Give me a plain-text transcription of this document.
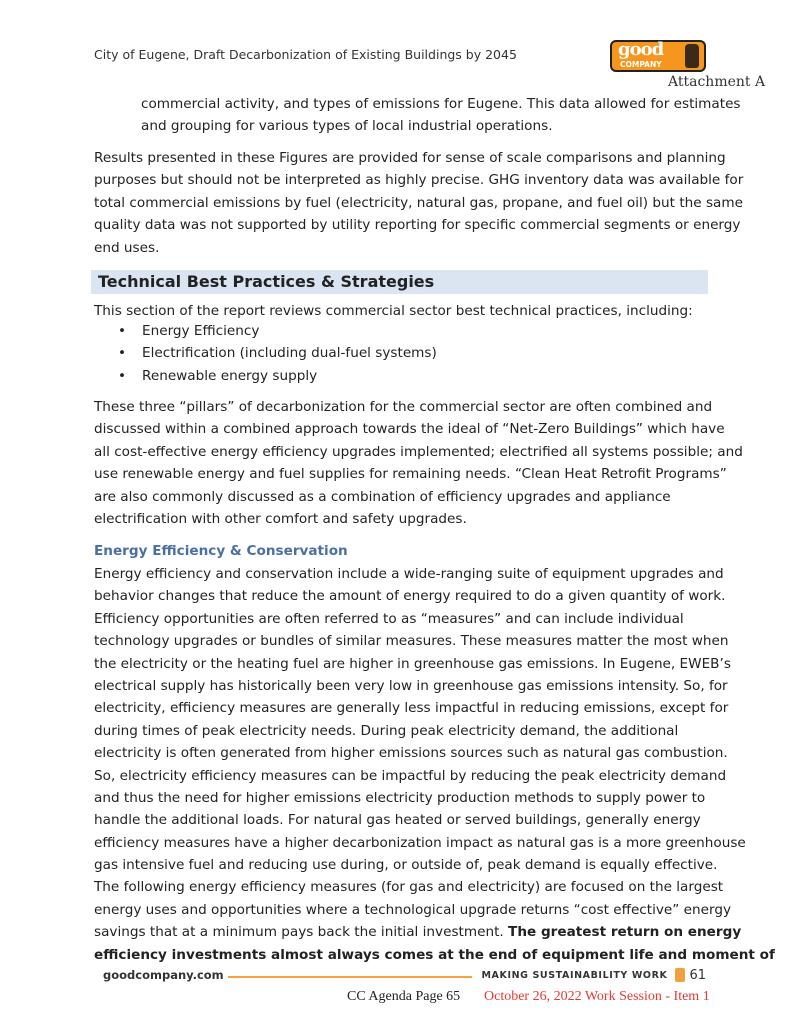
City of Eugene, Draft Decarbonization of Existing Buildings by 2045	good
COMPANY
Attachment A
commercial activity, and types of emissions for Eugene. This data allowed for estimates
and grouping for various types of local industrial operations.
Results presented in these Figures are provided for sense of scale comparisons and planning
purposes but should not be interpreted as highly precise. GHG inventory data was available for
total commercial emissions by fuel (electricity, natural gas, propane, and fuel oil) but the same
quality data was not supported by utility reporting for specific commercial segments or energy
end uses.
Technical Best Practices & Strategies
This section of the report reviews commercial sector best technical practices, including:
• Energy Efficiency
• Electrification (including dual-fuel systems)
• Renewable energy supply
These three “pillars” of decarbonization for the commercial sector are often combined and
discussed within a combined approach towards the ideal of “Net-Zero Buildings” which have
all cost-effective energy efficiency upgrades implemented; electrified all systems possible; and
use renewable energy and fuel supplies for remaining needs. “Clean Heat Retrofit Programs”
are also commonly discussed as a combination of efficiency upgrades and appliance
electrification with other comfort and safety upgrades.
Energy Efficiency & Conservation
Energy efficiency and conservation include a wide-ranging suite of equipment upgrades and
behavior changes that reduce the amount of energy required to do a given quantity of work.
Efficiency opportunities are often referred to as “measures” and can include individual
technology upgrades or bundles of similar measures. These measures matter the most when
the electricity or the heating fuel are higher in greenhouse gas emissions. In Eugene, EWEB’s
electrical supply has historically been very low in greenhouse gas emissions intensity. So, for
electricity, efficiency measures are generally less impactful in reducing emissions, except for
during times of peak electricity needs. During peak electricity demand, the additional
electricity is often generated from higher emissions sources such as natural gas combustion.
So, electricity efficiency measures can be impactful by reducing the peak electricity demand
and thus the need for higher emissions electricity production methods to supply power to
handle the additional loads. For natural gas heated or served buildings, generally energy
efficiency measures have a higher decarbonization impact as natural gas is a more greenhouse
gas intensive fuel and reducing use during, or outside of, peak demand is equally effective.
The following energy efficiency measures (for gas and electricity) are focused on the largest
energy uses and opportunities where a technological upgrade returns “cost effective” energy
savings that at a minimum pays back the initial investment. The greatest return on energy
efficiency investments almost always comes at the end of equipment life and moment of
goodcompany.com	MAKING SUSTAINABILITY WORK 61
CC Agenda Page 65 October 26, 2022 Work Session - Item 1
